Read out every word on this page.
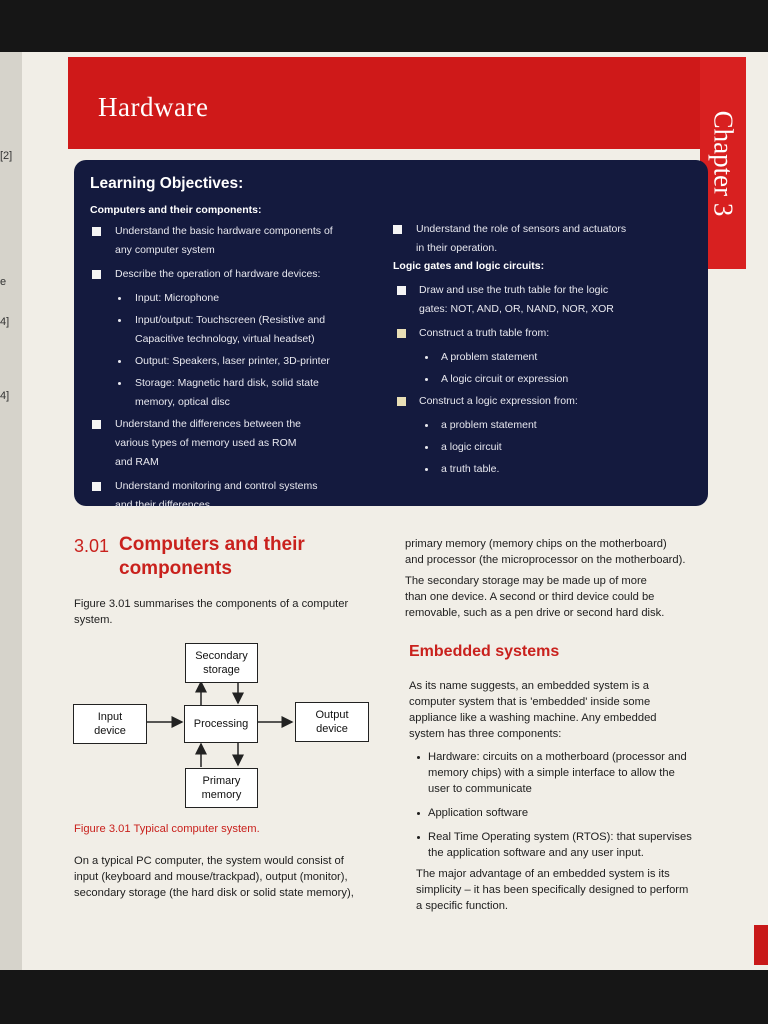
[2]
e
4]
4]
Hardware
Chapter 3
Learning Objectives:
Computers and their components:
Understand the basic hardware components of
any computer system
Describe the operation of hardware devices:
Input: Microphone
Input/output: Touchscreen (Resistive and
Capacitive technology, virtual headset)
Output: Speakers, laser printer, 3D-printer
Storage: Magnetic hard disk, solid state
memory, optical disc
Understand the differences between the
various types of memory used as ROM
and RAM
Understand monitoring and control systems
and their differences
Understand the role of sensors and actuators
in their operation.
Logic gates and logic circuits:
Draw and use the truth table for the logic
gates: NOT, AND, OR, NAND, NOR, XOR
Construct a truth table from:
A problem statement
A logic circuit or expression
Construct a logic expression from:
a problem statement
a logic circuit
a truth table.
3.01 Computers and their
components
Figure 3.01 summarises the components of a computer
system.
Secondary
storage
Input
device
Processing
Output
device
Primary
memory
Figure 3.01 Typical computer system.
On a typical PC computer, the system would consist of
input (keyboard and mouse/trackpad), output (monitor),
secondary storage (the hard disk or solid state memory),
primary memory (memory chips on the motherboard)
and processor (the microprocessor on the motherboard).
The secondary storage may be made up of more
than one device. A second or third device could be
removable, such as a pen drive or second hard disk.
Embedded systems
As its name suggests, an embedded system is a
computer system that is 'embedded' inside some
appliance like a washing machine. Any embedded
system has three components:
Hardware: circuits on a motherboard (processor and
memory chips) with a simple interface to allow the
user to communicate
Application software
Real Time Operating system (RTOS): that supervises
the application software and any user input.
The major advantage of an embedded system is its
simplicity – it has been specifically designed to perform
a specific function.
